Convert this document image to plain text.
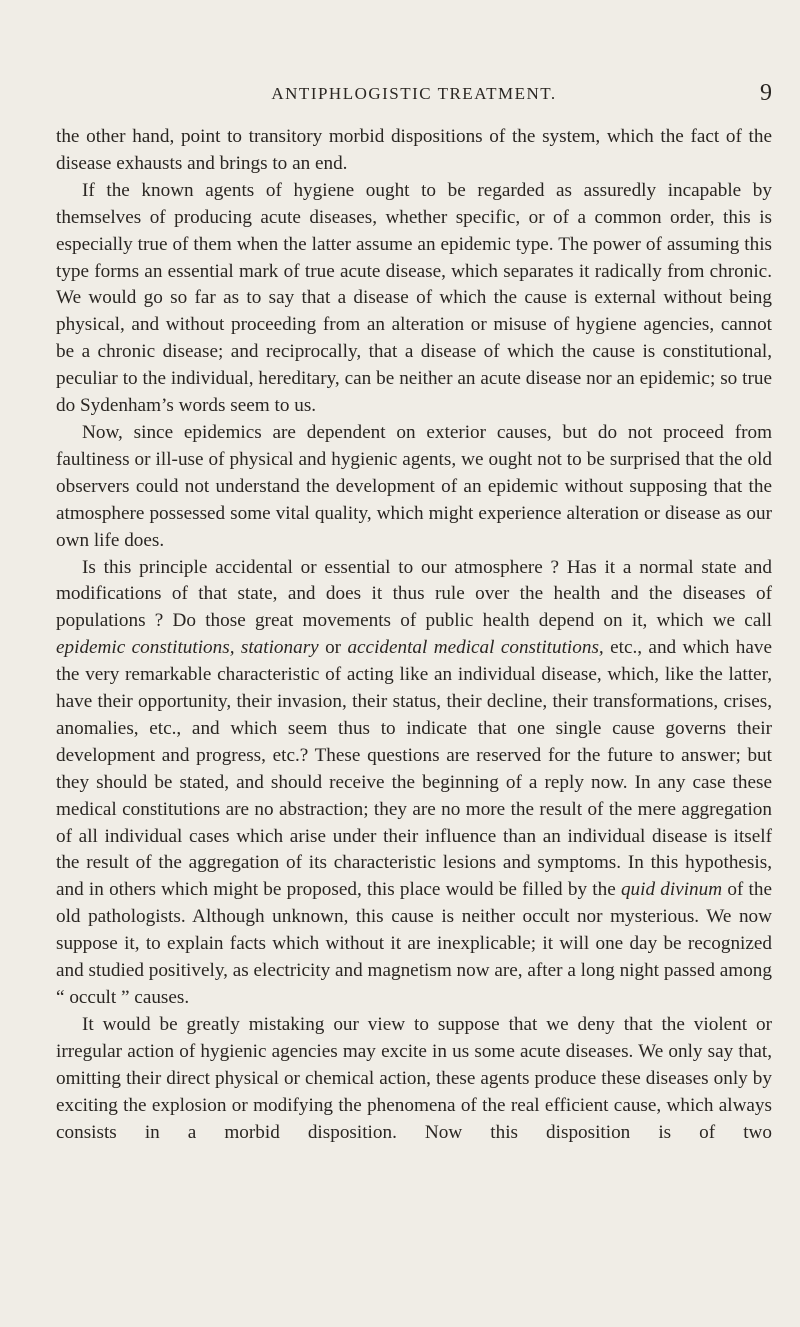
ANTIPHLOGISTIC TREATMENT.	9

the other hand, point to transitory morbid dispositions of the system, which the fact of the disease exhausts and brings to an end.

If the known agents of hygiene ought to be regarded as assuredly incapable by themselves of producing acute diseases, whether specific, or of a common order, this is especially true of them when the latter assume an epidemic type. The power of assuming this type forms an essential mark of true acute disease, which separates it radically from chronic. We would go so far as to say that a disease of which the cause is external without being physical, and without proceeding from an alteration or misuse of hygiene agencies, cannot be a chronic disease; and reciprocally, that a disease of which the cause is constitutional, peculiar to the individual, hereditary, can be neither an acute disease nor an epidemic; so true do Sydenham’s words seem to us.

Now, since epidemics are dependent on exterior causes, but do not proceed from faultiness or ill-use of physical and hygienic agents, we ought not to be surprised that the old observers could not understand the development of an epidemic without supposing that the atmosphere possessed some vital quality, which might experience alteration or disease as our own life does.

Is this principle accidental or essential to our atmosphere ? Has it a normal state and modifications of that state, and does it thus rule over the health and the diseases of populations ? Do those great movements of public health depend on it, which we call epidemic constitutions, stationary or accidental medical constitutions, etc., and which have the very remarkable characteristic of acting like an individual disease, which, like the latter, have their opportunity, their invasion, their status, their decline, their transformations, crises, anomalies, etc., and which seem thus to indicate that one single cause governs their development and progress, etc.? These questions are reserved for the future to answer; but they should be stated, and should receive the beginning of a reply now. In any case these medical constitutions are no abstraction; they are no more the result of the mere aggregation of all individual cases which arise under their influence than an individual disease is itself the result of the aggregation of its characteristic lesions and symptoms. In this hypothesis, and in others which might be proposed, this place would be filled by the quid divinum of the old pathologists. Although unknown, this cause is neither occult nor mysterious. We now suppose it, to explain facts which without it are inexplicable; it will one day be recognized and studied positively, as electricity and magnetism now are, after a long night passed among “ occult ” causes.

It would be greatly mistaking our view to suppose that we deny that the violent or irregular action of hygienic agencies may excite in us some acute diseases. We only say that, omitting their direct physical or chemical action, these agents produce these diseases only by exciting the explosion or modifying the phenomena of the real efficient cause, which always consists in a morbid disposition. Now this disposition is of two
